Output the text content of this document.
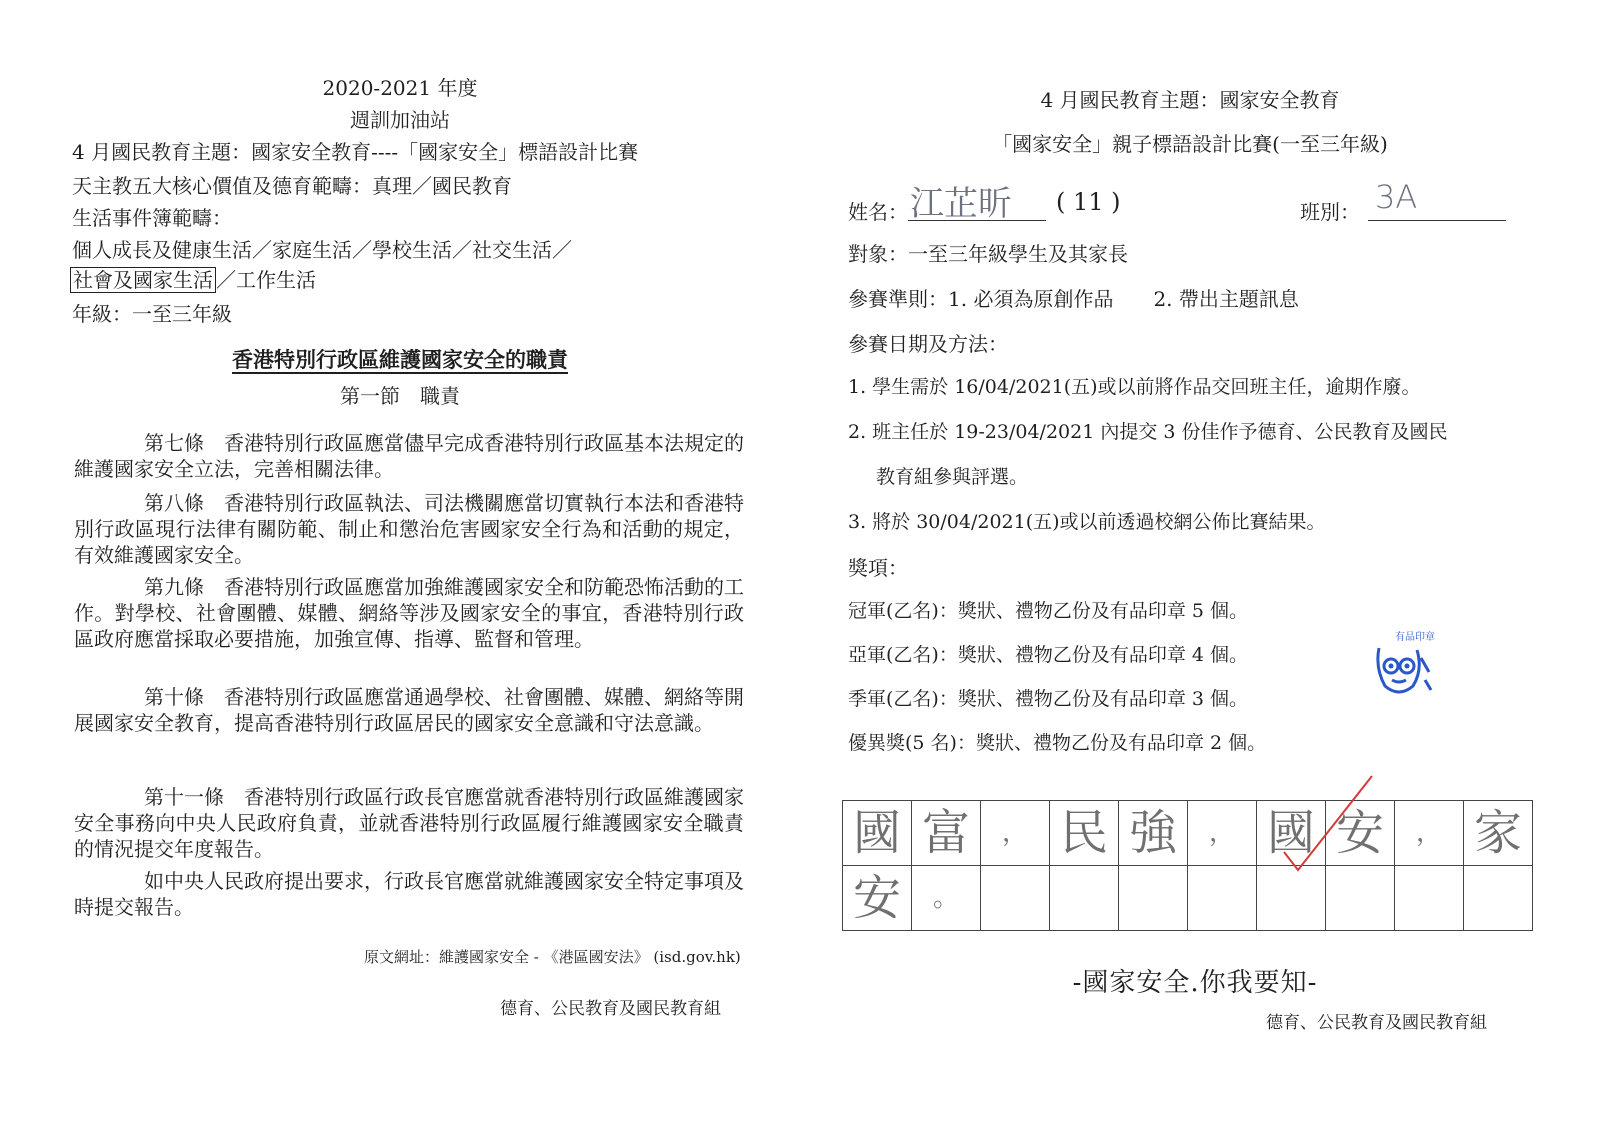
2020-2021 年度
週訓加油站
4 月國民教育主題：國家安全教育----「國家安全」標語設計比賽
天主教五大核心價值及德育範疇：真理／國民教育
生活事件簿範疇：
個人成長及健康生活／家庭生活／學校生活／社交生活／
社會及國家生活 ／工作生活
年級：一至三年級
香港特別行政區維護國家安全的職責
第一節　職責
第七條　香港特別行政區應當儘早完成香港特別行政區基本法規定的維護國家安全立法，完善相關法律。
第八條　香港特別行政區執法、司法機關應當切實執行本法和香港特別行政區現行法律有關防範、制止和懲治危害國家安全行為和活動的規定，有效維護國家安全。
第九條　香港特別行政區應當加強維護國家安全和防範恐怖活動的工作。對學校、社會團體、媒體、網絡等涉及國家安全的事宜，香港特別行政區政府應當採取必要措施，加強宣傳、指導、監督和管理。
第十條　香港特別行政區應當通過學校、社會團體、媒體、網絡等開展國家安全教育，提高香港特別行政區居民的國家安全意識和守法意識。
第十一條　香港特別行政區行政長官應當就香港特別行政區維護國家安全事務向中央人民政府負責，並就香港特別行政區履行維護國家安全職責的情況提交年度報告。
如中央人民政府提出要求，行政長官應當就維護國家安全特定事項及時提交報告。
原文網址：維護國家安全 - 《港區國安法》 (isd.gov.hk)
德育、公民教育及國民教育組
4 月國民教育主題：國家安全教育
「國家安全」親子標語設計比賽(一至三年級)
姓名： 江芷昕 ( 11 )	班別： 3A
對象：一至三年級學生及其家長
參賽準則：1. 必須為原創作品　　2. 帶出主題訊息
參賽日期及方法：
1. 學生需於 16/04/2021(五)或以前將作品交回班主任，逾期作廢。
2. 班主任於 19-23/04/2021 內提交 3 份佳作予德育、公民教育及國民
教育組參與評選。
3. 將於 30/04/2021(五)或以前透過校網公佈比賽結果。
獎項：
冠軍(乙名)：獎狀、禮物乙份及有品印章 5 個。
亞軍(乙名)：獎狀、禮物乙份及有品印章 4 個。
季軍(乙名)：獎狀、禮物乙份及有品印章 3 個。
優異獎(5 名)：獎狀、禮物乙份及有品印章 2 個。
有品印章
國 富	， 民 強	， 國 安	， 家
安	。
-國家安全.你我要知-
德育、公民教育及國民教育組
